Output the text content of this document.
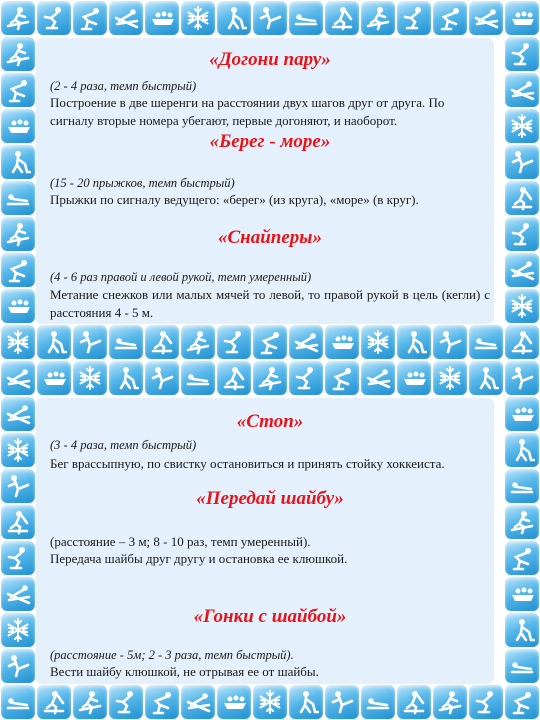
«Догони пару»
(2 - 4 раза, темп быстрый)
Построение в две шеренги на расстоянии двух шагов друг от друга. По сигналу вторые номера убегают, первые догоняют, и наоборот.
«Берег - море»
(15 - 20 прыжков, темп быстрый)
Прыжки по сигналу ведущего: «берег» (из круга), «море» (в круг).
«Снайперы»
(4 - 6 раз правой и левой рукой, темп умеренный)
Метание снежков или малых мячей то левой, то правой рукой в цель (кегли) с расстояния 4 - 5 м.
«Стоп»
(3 - 4 раза, темп быстрый)
Бег врассыпную, по свистку остановиться и принять стойку хоккеиста.
«Передай шайбу»
(расстояние – 3 м; 8 - 10 раз, темп умеренный).
Передача шайбы друг другу и остановка ее клюшкой.
«Гонки с шайбой»
(расстояние - 5м; 2 - 3 раза, темп быстрый).
Вести шайбу клюшкой, не отрывая ее от шайбы.
